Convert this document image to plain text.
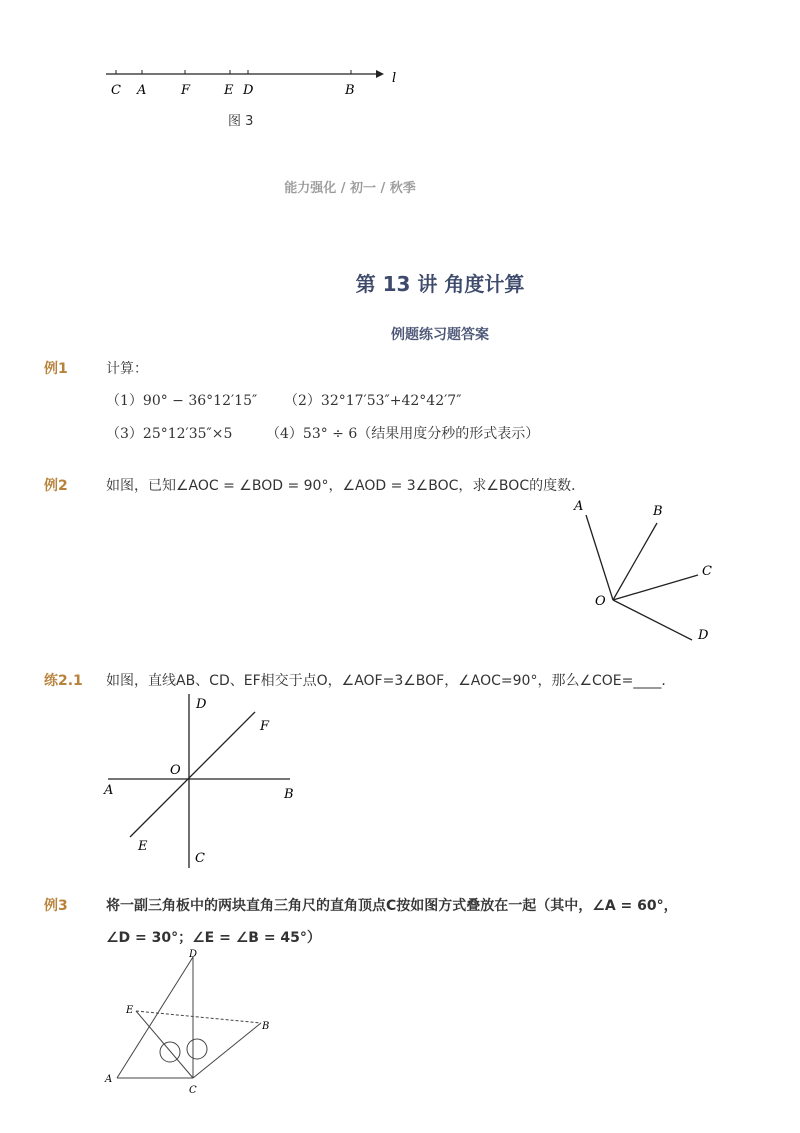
C A	F	E D	B
l
图 3
能力强化 / 初一 / 秋季
第 13 讲 角度计算
例题练习题答案
例1	计算：
（1）90° − 36°12′15″ （2）32°17′53″+42°42′7″
（3）25°12′35″×5 （4）53° ÷ 6（结果用度分秒的形式表示）
例2	如图，已知∠AOC = ∠BOD = 90°，∠AOD = 3∠BOC，求∠BOC的度数．
A	B
C
O
D
练2.1 如图，直线AB、CD、EF相交于点O，∠AOF=3∠BOF，∠AOC=90°，那么∠COE=____．
D
F
O
A	B
E
C
例3	将一副三角板中的两块直角三角尺的直角顶点C按如图方式叠放在一起（其中，∠A = 60°，
∠D = 30°；∠E = ∠B = 45°）
D
E
B
A
C
